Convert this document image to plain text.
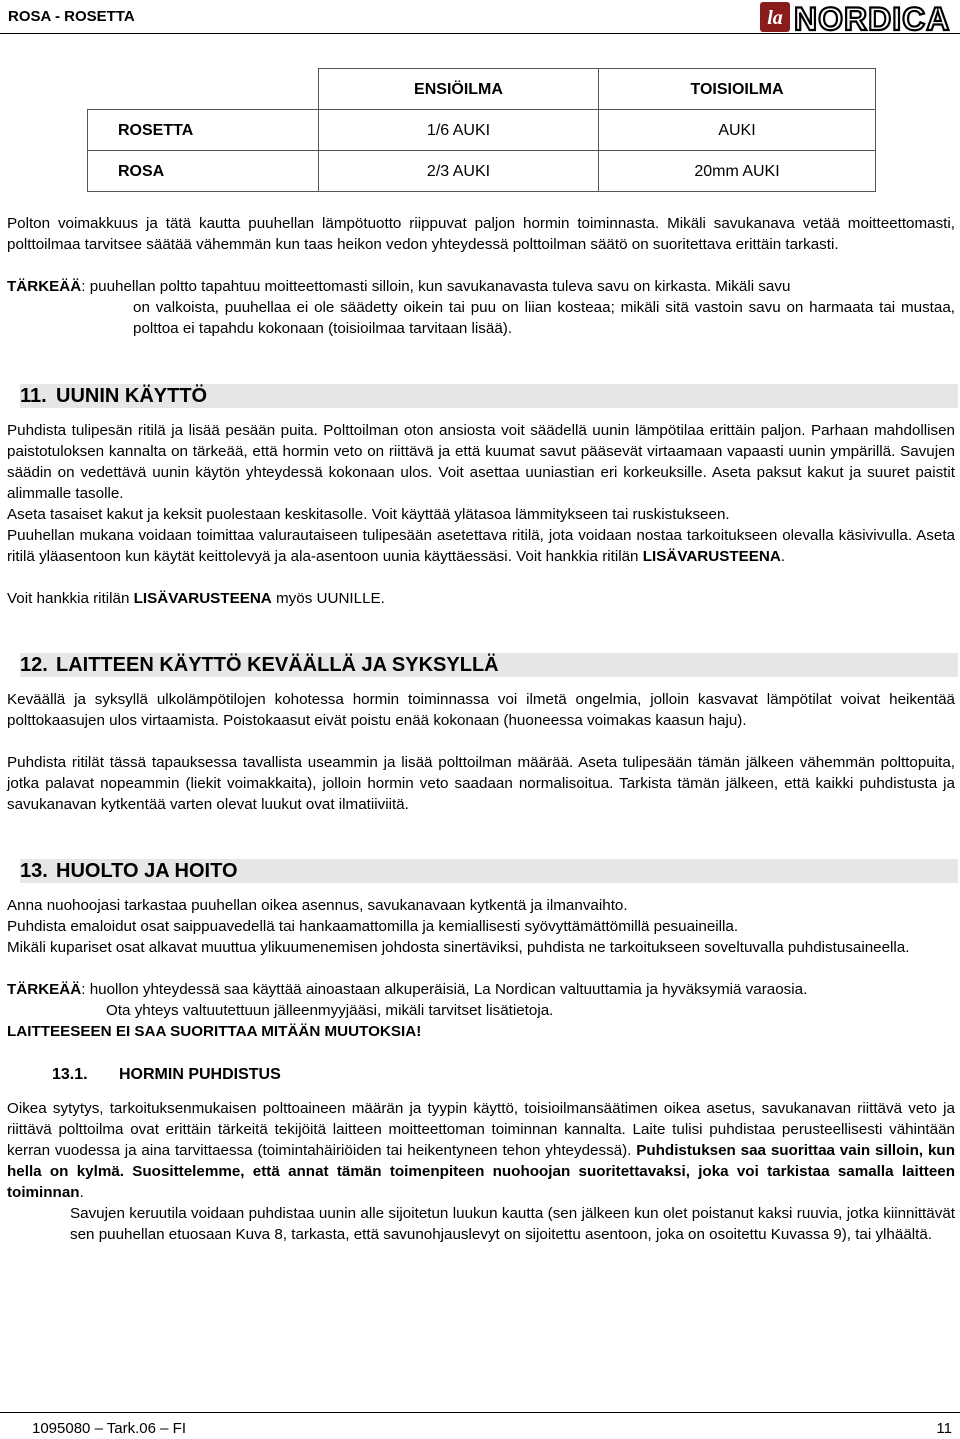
ROSA - ROSETTA	la NORDICA
	ENSIÖILMA	TOISIOILMA
ROSETTA	1/6 AUKI	AUKI
ROSA	2/3 AUKI	20mm AUKI
Polton voimakkuus ja tätä kautta puuhellan lämpötuotto riippuvat paljon hormin toiminnasta. Mikäli savukanava vetää moitteettomasti, polttoilmaa tarvitsee säätää vähemmän kun taas heikon vedon yhteydessä polttoilman säätö on suoritettava erittäin tarkasti.
TÄRKEÄÄ: puuhellan poltto tapahtuu moitteettomasti silloin, kun savukanavasta tuleva savu on kirkasta. Mikäli savu
on valkoista, puuhellaa ei ole säädetty oikein tai puu on liian kosteaa; mikäli sitä vastoin savu on harmaata tai mustaa, polttoa ei tapahdu kokonaan (toisioilmaa tarvitaan lisää).
11. UUNIN KÄYTTÖ
Puhdista tulipesän ritilä ja lisää pesään puita. Polttoilman oton ansiosta voit säädellä uunin lämpötilaa erittäin paljon. Parhaan mahdollisen paistotuloksen kannalta on tärkeää, että hormin veto on riittävä ja että kuumat savut pääsevät virtaamaan vapaasti uunin ympärillä. Savujen säädin on vedettävä uunin käytön yhteydessä kokonaan ulos. Voit asettaa uuniastian eri korkeuksille. Aseta paksut kakut ja suuret paistit alimmalle tasolle.
Aseta tasaiset kakut ja keksit puolestaan keskitasolle. Voit käyttää ylätasoa lämmitykseen tai ruskistukseen.
Puuhellan mukana voidaan toimittaa valurautaiseen tulipesään asetettava ritilä, jota voidaan nostaa tarkoitukseen olevalla käsivivulla. Aseta ritilä yläasentoon kun käytät keittolevyä ja ala-asentoon uunia käyttäessäsi. Voit hankkia ritilän LISÄVARUSTEENA.
Voit hankkia ritilän LISÄVARUSTEENA myös UUNILLE.
12. LAITTEEN KÄYTTÖ KEVÄÄLLÄ JA SYKSYLLÄ
Keväällä ja syksyllä ulkolämpötilojen kohotessa hormin toiminnassa voi ilmetä ongelmia, jolloin kasvavat lämpötilat voivat heikentää polttokaasujen ulos virtaamista. Poistokaasut eivät poistu enää kokonaan (huoneessa voimakas kaasun haju).
Puhdista ritilät tässä tapauksessa tavallista useammin ja lisää polttoilman määrää. Aseta tulipesään tämän jälkeen vähemmän polttopuita, jotka palavat nopeammin (liekit voimakkaita), jolloin hormin veto saadaan normalisoitua. Tarkista tämän jälkeen, että kaikki puhdistusta ja savukanavan kytkentää varten olevat luukut ovat ilmatiiviitä.
13. HUOLTO JA HOITO
Anna nuohoojasi tarkastaa puuhellan oikea asennus, savukanavaan kytkentä ja ilmanvaihto.
Puhdista emaloidut osat saippuavedellä tai hankaamattomilla ja kemiallisesti syövyttämättömillä pesuaineilla.
Mikäli kupariset osat alkavat muuttua ylikuumenemisen johdosta sinertäviksi, puhdista ne tarkoitukseen soveltuvalla puhdistusaineella.
TÄRKEÄÄ: huollon yhteydessä saa käyttää ainoastaan alkuperäisiä, La Nordican valtuuttamia ja hyväksymiä varaosia.
Ota yhteys valtuutettuun jälleenmyyjääsi, mikäli tarvitset lisätietoja.
LAITTEESEEN EI SAA SUORITTAA MITÄÄN MUUTOKSIA!
13.1. HORMIN PUHDISTUS
Oikea sytytys, tarkoituksenmukaisen polttoaineen määrän ja tyypin käyttö, toisioilmansäätimen oikea asetus, savukanavan riittävä veto ja riittävä polttoilma ovat erittäin tärkeitä tekijöitä laitteen moitteettoman toiminnan kannalta. Laite tulisi puhdistaa perusteellisesti vähintään kerran vuodessa ja aina tarvittaessa (toimintahäiriöiden tai heikentyneen tehon yhteydessä). Puhdistuksen saa suorittaa vain silloin, kun hella on kylmä. Suosittelemme, että annat tämän toimenpiteen nuohoojan suoritettavaksi, joka voi tarkistaa samalla laitteen toiminnan.
Savujen keruutila voidaan puhdistaa uunin alle sijoitetun luukun kautta (sen jälkeen kun olet poistanut kaksi ruuvia, jotka kiinnittävät sen puuhellan etuosaan Kuva 8, tarkasta, että savunohjauslevyt on sijoitettu asentoon, joka on osoitettu Kuvassa 9), tai ylhäältä.
1095080 – Tark.06 – FI	11
